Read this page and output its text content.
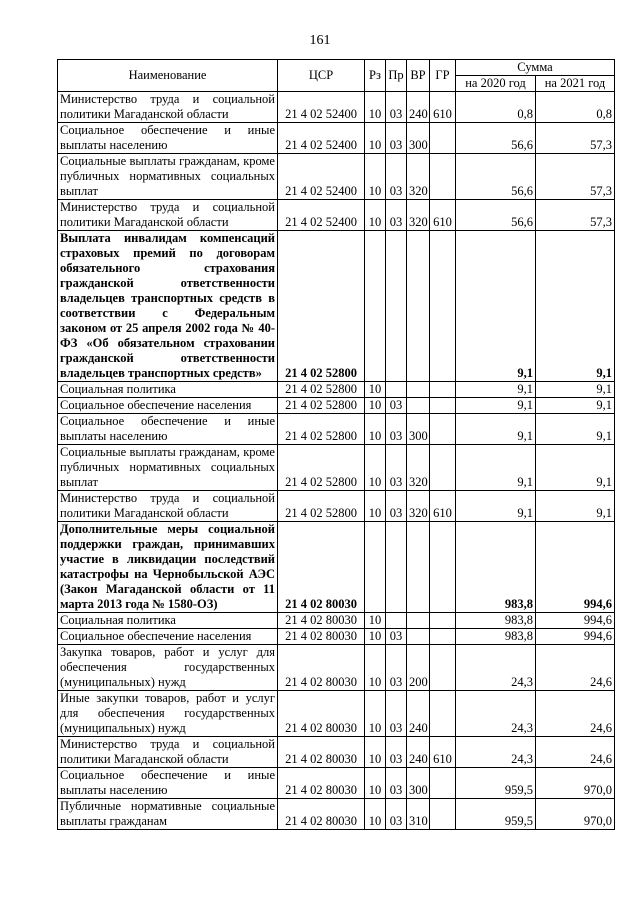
161
Наименование	ЦСР	Рз	Пр	ВР	ГР	Сумма	
						на 2020 год	на 2021 год
Министерство труда и социальной политики Магаданской области	21 4 02 52400	10	03	240	610	0,8	0,8
Социальное обеспечение и иные выплаты населению	21 4 02 52400	10	03	300		56,6	57,3
Социальные выплаты гражданам, кроме публичных нормативных социальных выплат	21 4 02 52400	10	03	320		56,6	57,3
Министерство труда и социальной политики Магаданской области	21 4 02 52400	10	03	320	610	56,6	57,3
Выплата инвалидам компенсаций страховых премий по договорам обязательного страхования гражданской ответственности владельцев транспортных средств в соответствии с Федеральным законом от 25 апреля 2002 года № 40-ФЗ «Об обязательном страховании гражданской ответственности владельцев транспортных средств»	21 4 02 52800					9,1	9,1
Социальная политика	21 4 02 52800	10				9,1	9,1
Социальное обеспечение населения	21 4 02 52800	10	03			9,1	9,1
Социальное обеспечение и иные выплаты населению	21 4 02 52800	10	03	300		9,1	9,1
Социальные выплаты гражданам, кроме публичных нормативных социальных выплат	21 4 02 52800	10	03	320		9,1	9,1
Министерство труда и социальной политики Магаданской области	21 4 02 52800	10	03	320	610	9,1	9,1
Дополнительные меры социальной поддержки граждан, принимавших участие в ликвидации последствий катастрофы на Чернобыльской АЭС (Закон Магаданской области от 11 марта 2013 года № 1580-ОЗ)	21 4 02 80030					983,8	994,6
Социальная политика	21 4 02 80030	10				983,8	994,6
Социальное обеспечение населения	21 4 02 80030	10	03			983,8	994,6
Закупка товаров, работ и услуг для обеспечения государственных (муниципальных) нужд	21 4 02 80030	10	03	200		24,3	24,6
Иные закупки товаров, работ и услуг для обеспечения государственных (муниципальных) нужд	21 4 02 80030	10	03	240		24,3	24,6
Министерство труда и социальной политики Магаданской области	21 4 02 80030	10	03	240	610	24,3	24,6
Социальное обеспечение и иные выплаты населению	21 4 02 80030	10	03	300		959,5	970,0
Публичные нормативные социальные выплаты гражданам	21 4 02 80030	10	03	310		959,5	970,0
